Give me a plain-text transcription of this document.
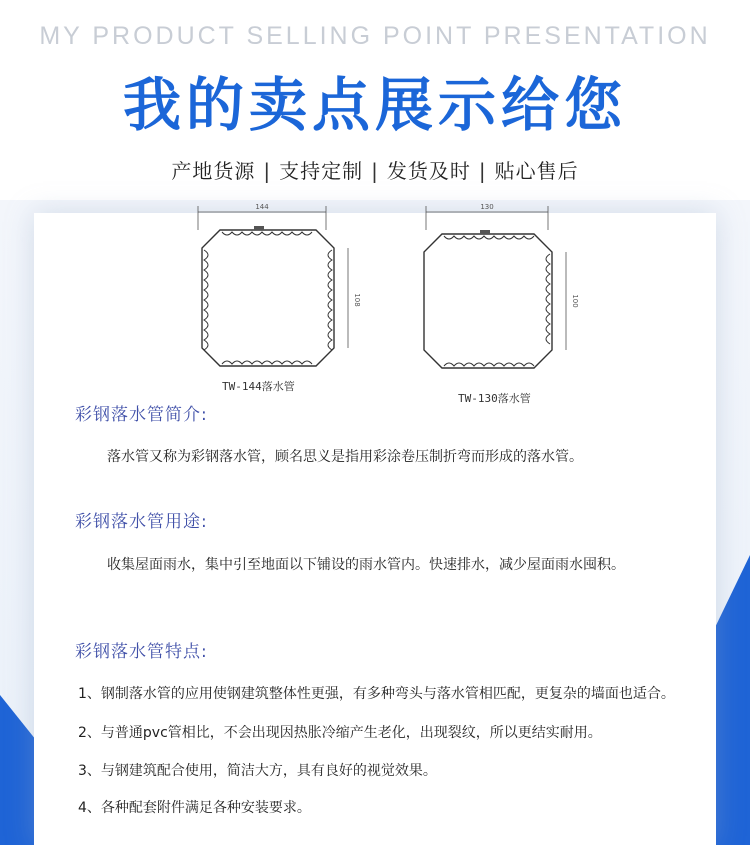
MY PRODUCT SELLING POINT PRESENTATION
我的卖点展示给您
产地货源 | 支持定制 | 发货及时 | 贴心售后
144
108
TW-144落水管
130
100
TW-130落水管
彩钢落水管简介:
落水管又称为彩钢落水管，顾名思义是指用彩涂卷压制折弯而形成的落水管。
彩钢落水管用途:
收集屋面雨水，集中引至地面以下铺设的雨水管内。快速排水，减少屋面雨水囤积。
彩钢落水管特点:
1、钢制落水管的应用使钢建筑整体性更强，有多种弯头与落水管相匹配，更复杂的墙面也适合。
2、与普通pvc管相比，不会出现因热胀冷缩产生老化，出现裂纹，所以更结实耐用。
3、与钢建筑配合使用，简洁大方，具有良好的视觉效果。
4、各种配套附件满足各种安装要求。
